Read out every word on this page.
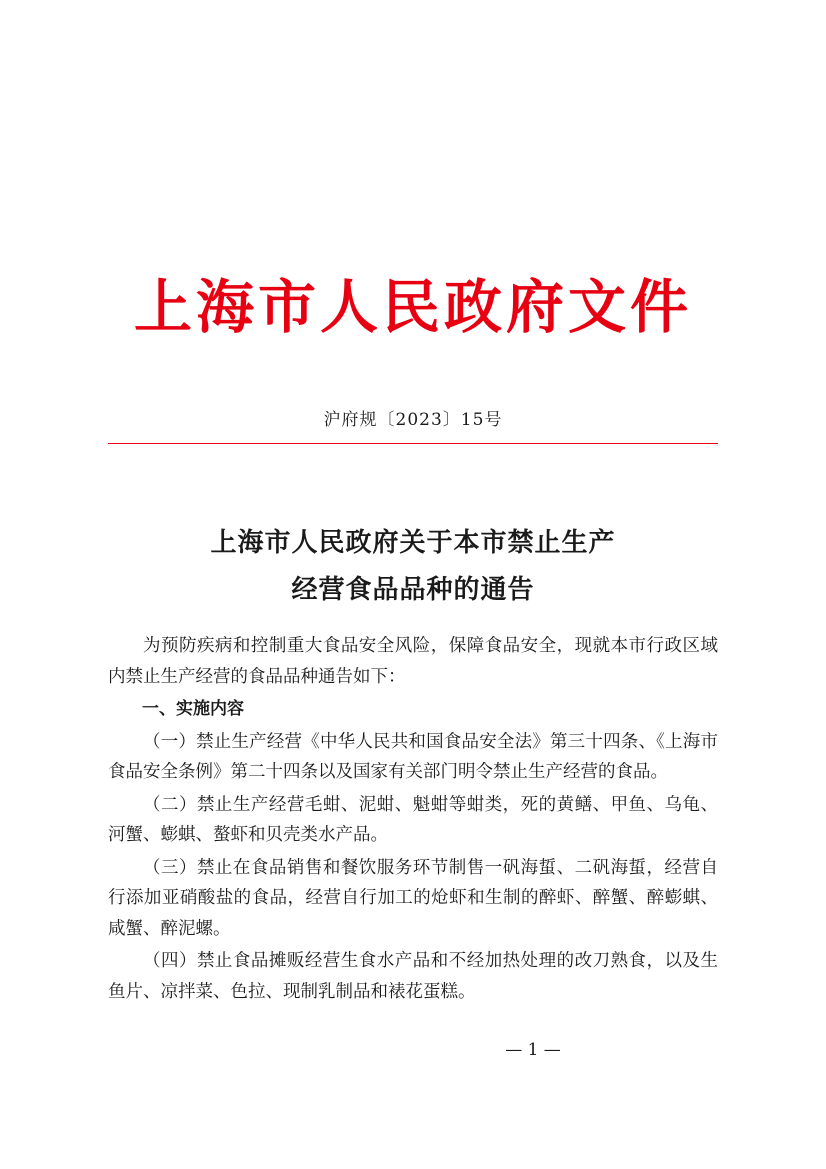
上海市人民政府文件
沪府规〔2023〕15号
上海市人民政府关于本市禁止生产
经营食品品种的通告

为预防疾病和控制重大食品安全风险，保障食品安全，现就本市行政区域内禁止生产经营的食品品种通告如下：

一、实施内容

（一）禁止生产经营《中华人民共和国食品安全法》第三十四条、《上海市食品安全条例》第二十四条以及国家有关部门明令禁止生产经营的食品。

（二）禁止生产经营毛蚶、泥蚶、魁蚶等蚶类，死的黄鳝、甲鱼、乌龟、河蟹、蟛蜞、螯虾和贝壳类水产品。

（三）禁止在食品销售和餐饮服务环节制售一矾海蜇、二矾海蜇，经营自行添加亚硝酸盐的食品，经营自行加工的炝虾和生制的醉虾、醉蟹、醉蟛蜞、咸蟹、醉泥螺。

（四）禁止食品摊贩经营生食水产品和不经加热处理的改刀熟食，以及生鱼片、凉拌菜、色拉、现制乳制品和裱花蛋糕。

— 1 —
